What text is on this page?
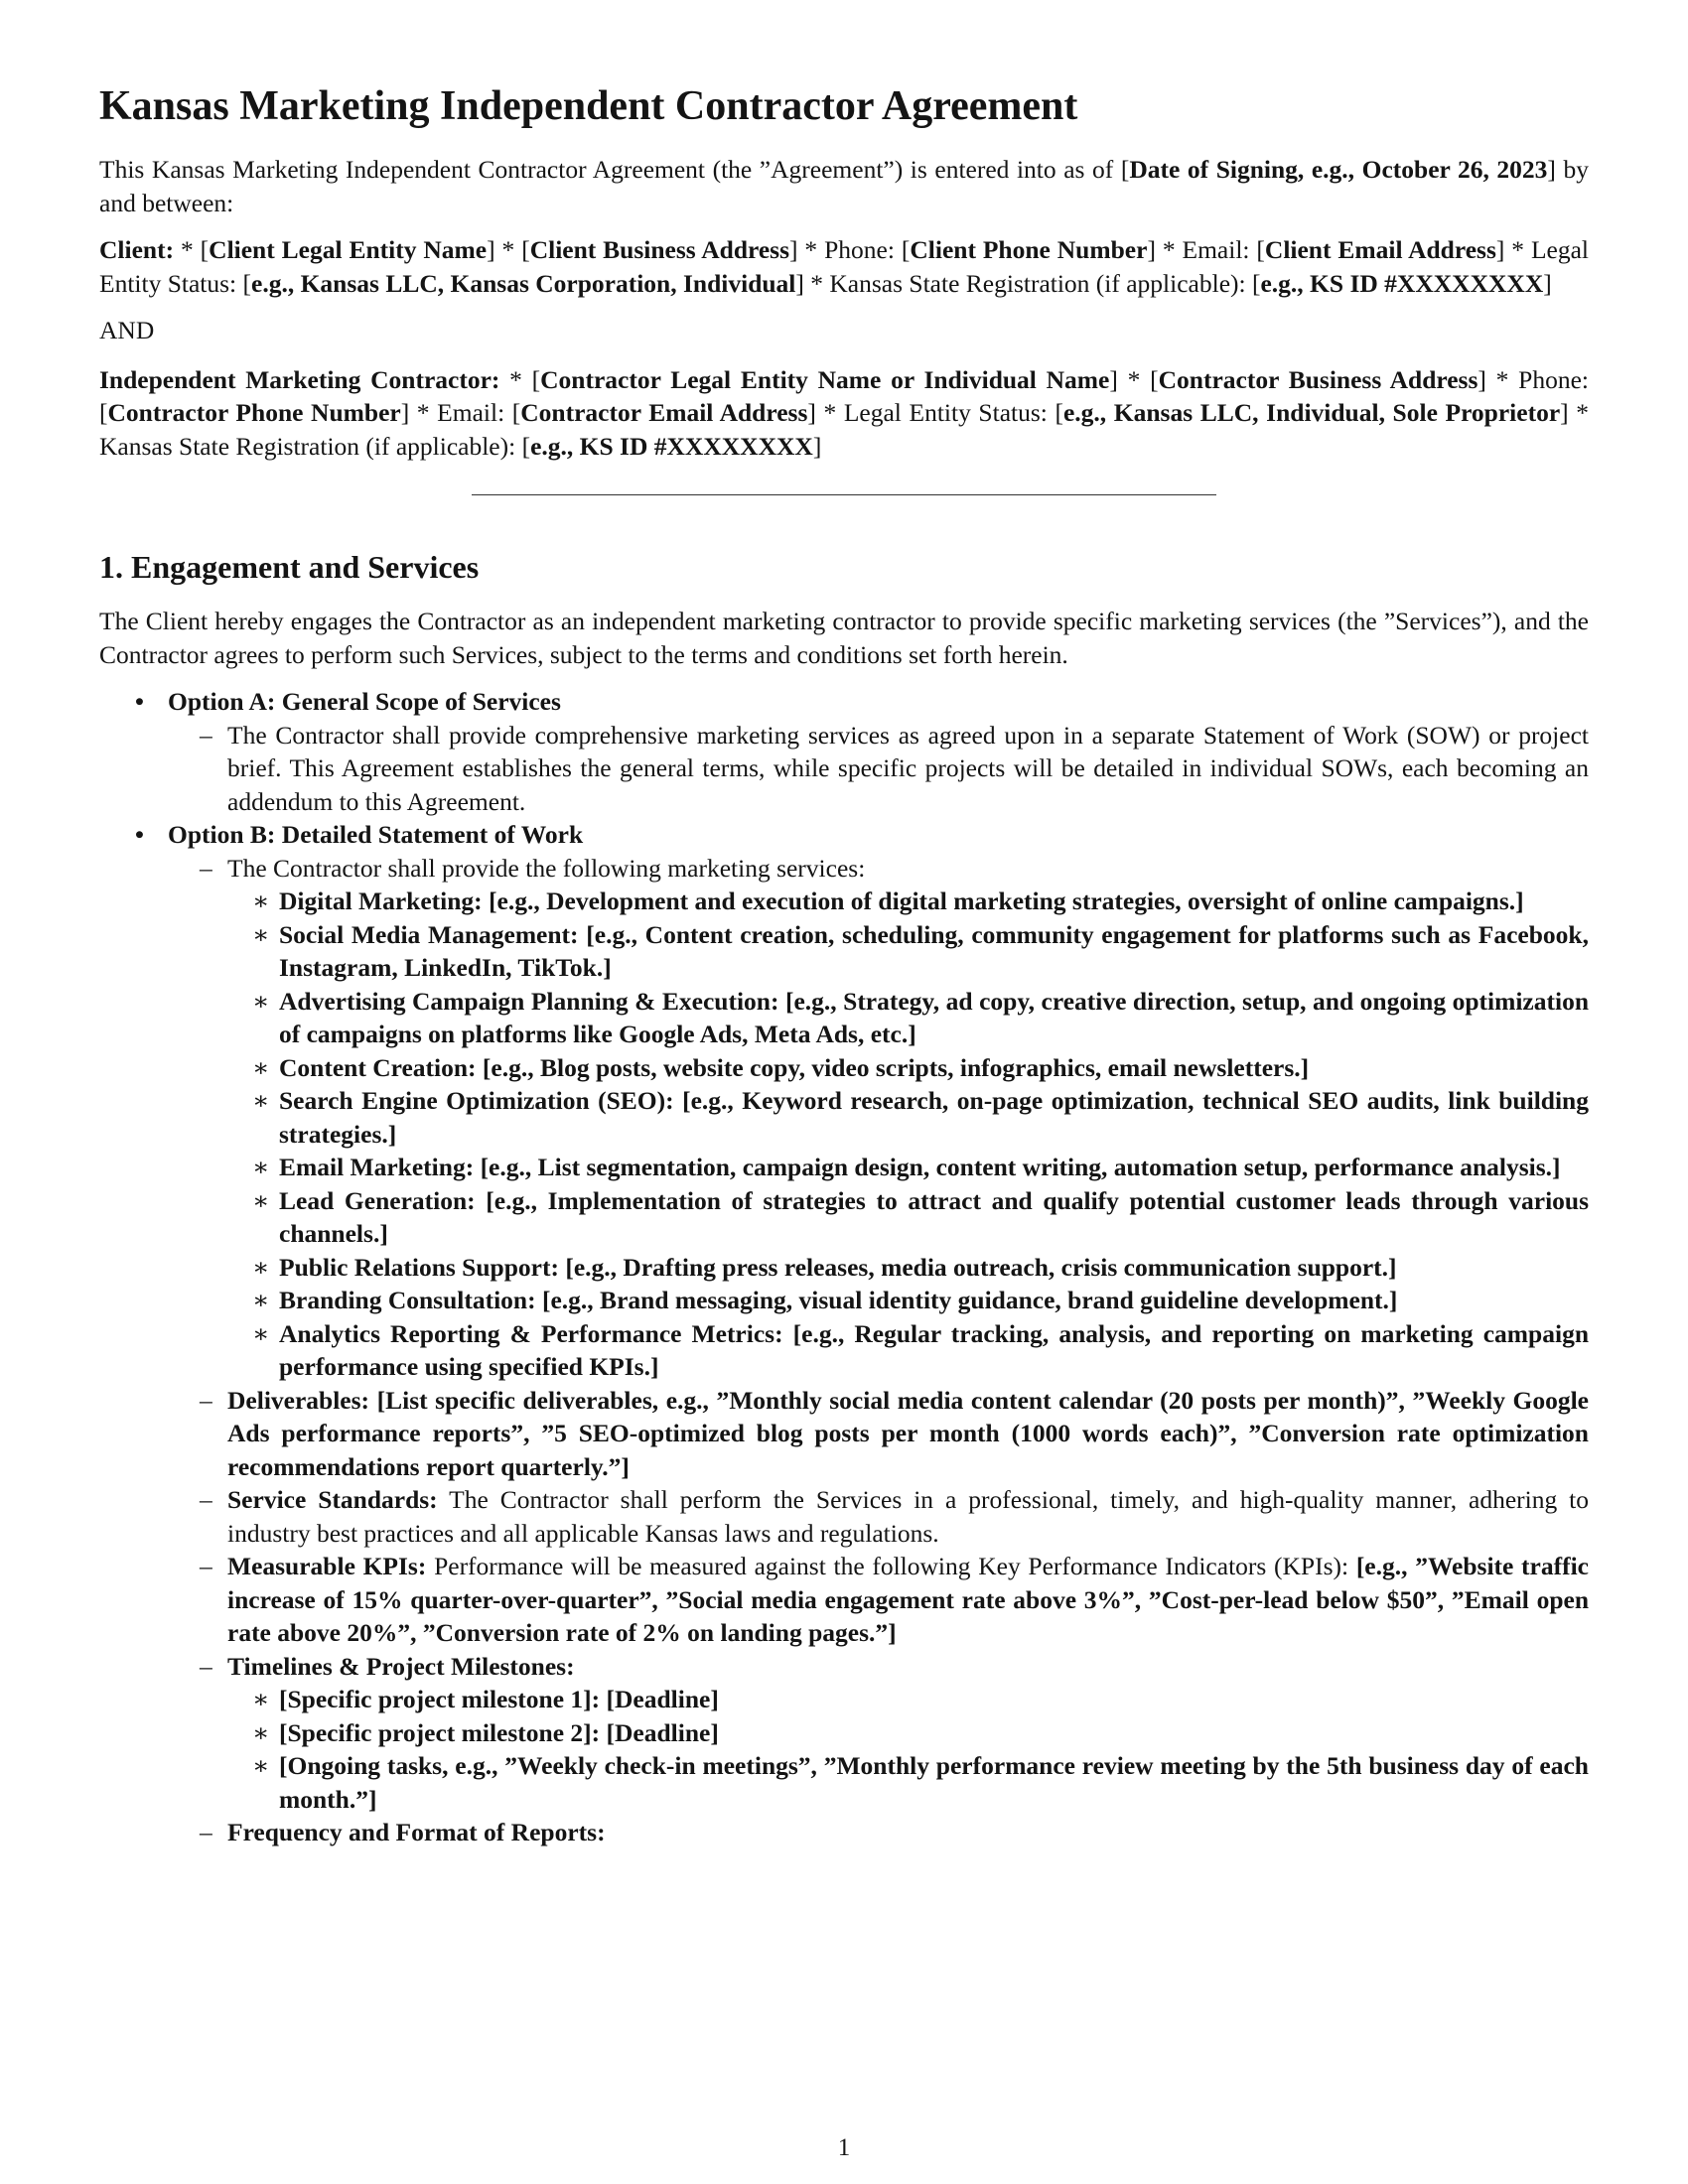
Kansas Marketing Independent Contractor Agreement

This Kansas Marketing Independent Contractor Agreement (the ”Agreement”) is entered into as of [Date of Signing, e.g., October 26, 2023] by and between:

Client: * [Client Legal Entity Name] * [Client Business Address] * Phone: [Client Phone Number] * Email: [Client Email Address] * Legal Entity Status: [e.g., Kansas LLC, Kansas Corporation, Individual] * Kansas State Registration (if applicable): [e.g., KS ID #XXXXXXXX]

AND

Independent Marketing Contractor: * [Contractor Legal Entity Name or Individual Name] * [Contractor Business Address] * Phone: [Contractor Phone Number] * Email: [Contractor Email Address] * Legal Entity Status: [e.g., Kansas LLC, Individual, Sole Proprietor] * Kansas State Registration (if applicable): [e.g., KS ID #XXXXXXXX]

1. Engagement and Services

The Client hereby engages the Contractor as an independent marketing contractor to provide specific marketing services (the ”Services”), and the Contractor agrees to perform such Services, subject to the terms and conditions set forth herein.

• Option A: General Scope of Services
– The Contractor shall provide comprehensive marketing services as agreed upon in a separate Statement of Work (SOW) or project brief. This Agreement establishes the general terms, while specific projects will be detailed in individual SOWs, each becoming an addendum to this Agreement.
• Option B: Detailed Statement of Work
– The Contractor shall provide the following marketing services:
∗ Digital Marketing: [e.g., Development and execution of digital marketing strategies, oversight of online campaigns.]
∗ Social Media Management: [e.g., Content creation, scheduling, community engagement for platforms such as Facebook, Instagram, LinkedIn, TikTok.]
∗ Advertising Campaign Planning & Execution: [e.g., Strategy, ad copy, creative direction, setup, and ongoing optimization of campaigns on platforms like Google Ads, Meta Ads, etc.]
∗ Content Creation: [e.g., Blog posts, website copy, video scripts, infographics, email newsletters.]
∗ Search Engine Optimization (SEO): [e.g., Keyword research, on-page optimization, technical SEO audits, link building strategies.]
∗ Email Marketing: [e.g., List segmentation, campaign design, content writing, automation setup, performance analysis.]
∗ Lead Generation: [e.g., Implementation of strategies to attract and qualify potential customer leads through various channels.]
∗ Public Relations Support: [e.g., Drafting press releases, media outreach, crisis communication support.]
∗ Branding Consultation: [e.g., Brand messaging, visual identity guidance, brand guideline development.]
∗ Analytics Reporting & Performance Metrics: [e.g., Regular tracking, analysis, and reporting on marketing campaign performance using specified KPIs.]
– Deliverables: [List specific deliverables, e.g., ”Monthly social media content calendar (20 posts per month)”, ”Weekly Google Ads performance reports”, ”5 SEO-optimized blog posts per month (1000 words each)”, ”Conversion rate optimization recommendations report quarterly.”]
– Service Standards: The Contractor shall perform the Services in a professional, timely, and high-quality manner, adhering to industry best practices and all applicable Kansas laws and regulations.
– Measurable KPIs: Performance will be measured against the following Key Performance Indicators (KPIs): [e.g., ”Website traffic increase of 15% quarter-over-quarter”, ”Social media engagement rate above 3%”, ”Cost-per-lead below $50”, ”Email open rate above 20%”, ”Conversion rate of 2% on landing pages.”]
– Timelines & Project Milestones:
∗ [Specific project milestone 1]: [Deadline]
∗ [Specific project milestone 2]: [Deadline]
∗ [Ongoing tasks, e.g., ”Weekly check-in meetings”, ”Monthly performance review meeting by the 5th business day of each month.”]
– Frequency and Format of Reports:
1
